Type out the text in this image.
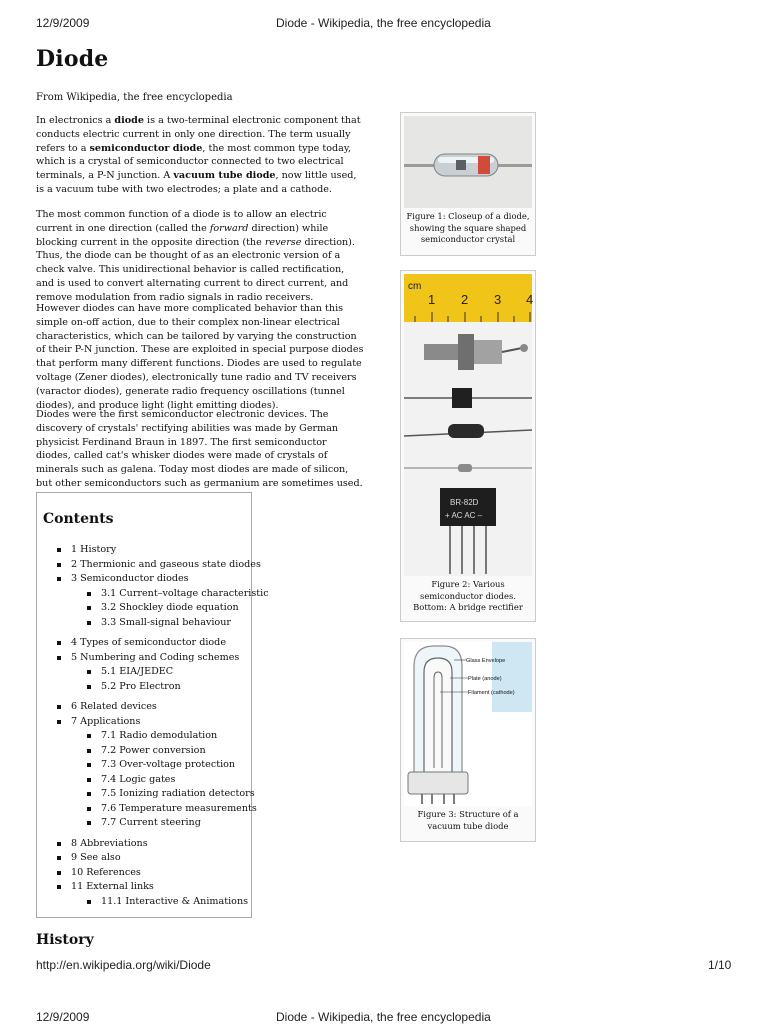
12/9/2009	Diode - Wikipedia, the free encyclopedia
http://en.wikipedia.org/wiki/Diode	1/10
12/9/2009	Diode - Wikipedia, the free encyclopedia
Diode
From Wikipedia, the free encyclopedia

In electronics a diode is a two-terminal electronic component that conducts electric current in only one direction. The term usually refers to a semiconductor diode, the most common type today, which is a crystal of semiconductor connected to two electrical terminals, a P-N junction. A vacuum tube diode, now little used, is a vacuum tube with two electrodes; a plate and a cathode.

The most common function of a diode is to allow an electric current in one direction (called the forward direction) while blocking current in the opposite direction (the reverse direction). Thus, the diode can be thought of as an electronic version of a check valve. This unidirectional behavior is called rectification, and is used to convert alternating current to direct current, and remove modulation from radio signals in radio receivers.

However diodes can have more complicated behavior than this simple on-off action, due to their complex non-linear electrical characteristics, which can be tailored by varying the construction of their P-N junction. These are exploited in special purpose diodes that perform many different functions. Diodes are used to regulate voltage (Zener diodes), electronically tune radio and TV receivers (varactor diodes), generate radio frequency oscillations (tunnel diodes), and produce light (light emitting diodes).

Diodes were the first semiconductor electronic devices. The discovery of crystals' rectifying abilities was made by German physicist Ferdinand Braun in 1897. The first semiconductor diodes, called cat's whisker diodes were made of crystals of minerals such as galena. Today most diodes are made of silicon, but other semiconductors such as germanium are sometimes used.

Contents
1 History
2 Thermionic and gaseous state diodes
3 Semiconductor diodes
3.1 Current–voltage characteristic
3.2 Shockley diode equation
3.3 Small-signal behaviour
4 Types of semiconductor diode
5 Numbering and Coding schemes
5.1 EIA/JEDEC
5.2 Pro Electron
6 Related devices
7 Applications
7.1 Radio demodulation
7.2 Power conversion
7.3 Over-voltage protection
7.4 Logic gates
7.5 Ionizing radiation detectors
7.6 Temperature measurements
7.7 Current steering
8 Abbreviations
9 See also
10 References
11 External links
11.1 Interactive & Animations
History
Figure 1: Closeup of a diode, showing the square shaped semiconductor crystal
cm
1 2 3 4
BR-82D
+ AC AC –
Figure 2: Various semiconductor diodes. Bottom: A bridge rectifier
Glass Envelope
Plate (anode)
Filament (cathode)
Figure 3: Structure of a vacuum tube diode
